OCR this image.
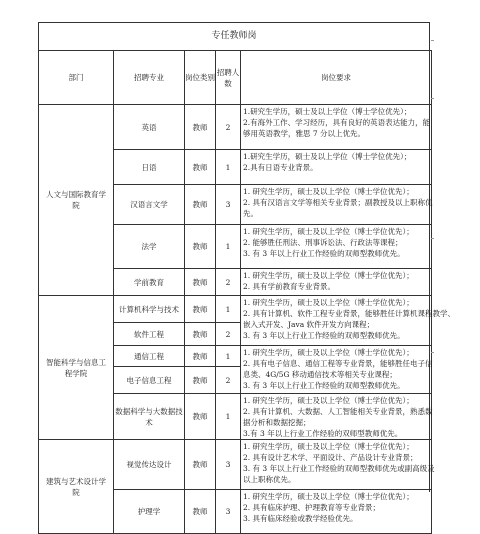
专任教师岗
部门	招聘专业	岗位类别	招聘人数	岗位要求
人文与国际教育学院	英语	教师	2	1.研究生学历，硕士及以上学位（博士学位优先）；
2.有海外工作、学习经历，具有良好的英语表达能力，能
够用英语教学，雅思 7 分以上优先。

	日语	教师	1	1.研究生学历，硕士及以上学位（博士学位优先）；
2.具有日语专业背景。

	汉语言文学	教师	3	1. 研究生学历，硕士及以上学位（博士学位优先）；
2. 具有汉语言文学等相关专业背景；副教授及以上职称优
先。

	法学	教师	1	1. 研究生学历，硕士及以上学位（博士学位优先）；
2. 能够胜任刑法、刑事诉讼法、行政法等课程；
3. 有 3 年以上行业工作经验的双师型教师优先。

	学前教育	教师	2	1. 研究生学历，硕士及以上学位（博士学位优先）；
2. 具有学前教育专业背景。

智能科学与信息工程学院	计算机科学与技术	教师	1	1. 研究生学历，硕士及以上学位（博士学位优先）；
2. 具有计算机、软件工程专业背景，能够胜任计算机课程教学、
嵌入式开发、Java 软件开发方向课程；
3. 有 3 年以上行业工作经验的双师型教师优先。

	软件工程	教师	2	
	通信工程	教师	1	1. 研究生学历，硕士及以上学位（博士学位优先）；
2. 具有电子信息、通信工程等专业背景，能够胜任电子信
息类、4G/5G 移动通信技术等相关专业课程；
3. 有 3 年以上行业工作经验的双师型教师优先。

	电子信息工程	教师	2	
	数据科学与大数据技术	教师	1	1. 研究生学历，硕士及以上学位（博士学位优先）；
2. 具有计算机、大数据、人工智能相关专业背景，熟悉数
据分析和数据挖掘；
3.有 3 年以上行业工作经验的双师型教师优先。

建筑与艺术设计学院	视觉传达设计	教师	3	1. 研究生学历，硕士及以上学位（博士学位优先）；
2. 具有设计艺术学、平面设计、产品设计专业背景；
3. 有 3 年以上行业工作经验的双师型教师优先或副高级及
以上职称优先。

	护理学	教师	3	1. 研究生学历，硕士及以上学位（博士学位优先）；
2. 具有临床护理、护理教育等专业背景；
3. 具有临床经验或教学经验优先。
